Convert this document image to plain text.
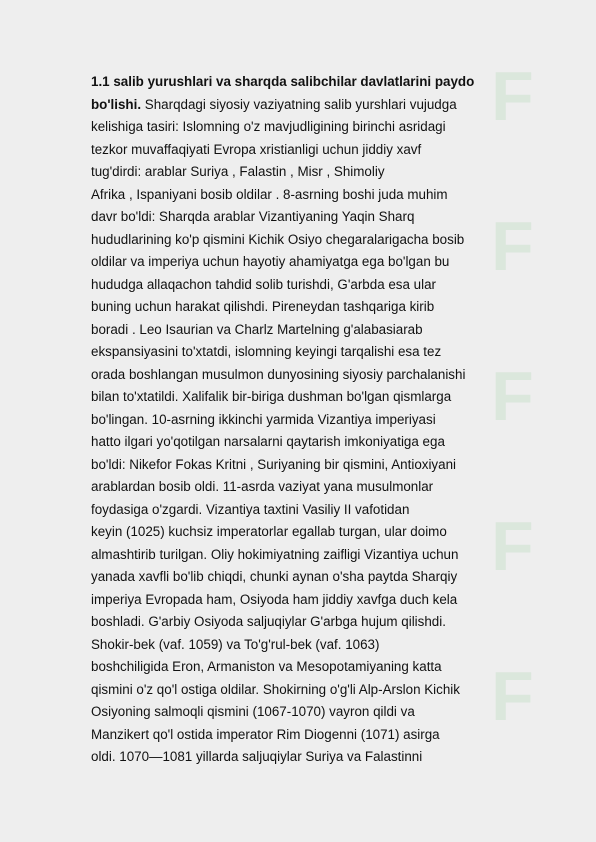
F
F
F
F
F
1.1 salib yurushlari va sharqda salibchilar davlatlarini paydo
bo'lishi. Sharqdagi siyosiy vaziyatning salib yurshlari vujudga
kelishiga tasiri: Islomning o'z mavjudligining birinchi asridagi
tezkor muvaffaqiyati Evropa xristianligi uchun jiddiy xavf
tug'dirdi: arablar Suriya , Falastin , Misr , Shimoliy
Afrika , Ispaniyani bosib oldilar . 8-asrning boshi juda muhim
davr bo'ldi: Sharqda arablar Vizantiyaning Yaqin Sharq
hududlarining ko'p qismini Kichik Osiyo chegaralarigacha bosib
oldilar va imperiya uchun hayotiy ahamiyatga ega bo'lgan bu
hududga allaqachon tahdid solib turishdi, G'arbda esa ular
buning uchun harakat qilishdi. Pireneydan tashqariga kirib
boradi . Leo Isaurian va Charlz Martelning g'alabasiarab
ekspansiyasini to'xtatdi, islomning keyingi tarqalishi esa tez
orada boshlangan musulmon dunyosining siyosiy parchalanishi
bilan to'xtatildi. Xalifalik bir-biriga dushman bo'lgan qismlarga
bo'lingan. 10-asrning ikkinchi yarmida Vizantiya imperiyasi
hatto ilgari yo'qotilgan narsalarni qaytarish imkoniyatiga ega
bo'ldi: Nikefor Fokas Kritni , Suriyaning bir qismini, Antioxiyani
arablardan bosib oldi. 11-asrda vaziyat yana musulmonlar
foydasiga o'zgardi. Vizantiya taxtini Vasiliy II vafotidan
keyin (1025) kuchsiz imperatorlar egallab turgan, ular doimo
almashtirib turilgan. Oliy hokimiyatning zaifligi Vizantiya uchun
yanada xavfli bo'lib chiqdi, chunki aynan o'sha paytda Sharqiy
imperiya Evropada ham, Osiyoda ham jiddiy xavfga duch kela
boshladi. G'arbiy Osiyoda saljuqiylar G'arbga hujum qilishdi.
Shokir-bek (vaf. 1059) va To'g'rul-bek (vaf. 1063)
boshchiligida Eron, Armaniston va Mesopotamiyaning katta
qismini o'z qo'l ostiga oldilar. Shokirning o'g'li Alp-Arslon Kichik
Osiyoning salmoqli qismini (1067-1070) vayron qildi va
Manzikert qo'l ostida imperator Rim Diogenni (1071) asirga
oldi. 1070—1081 yillarda saljuqiylar Suriya va Falastinni
